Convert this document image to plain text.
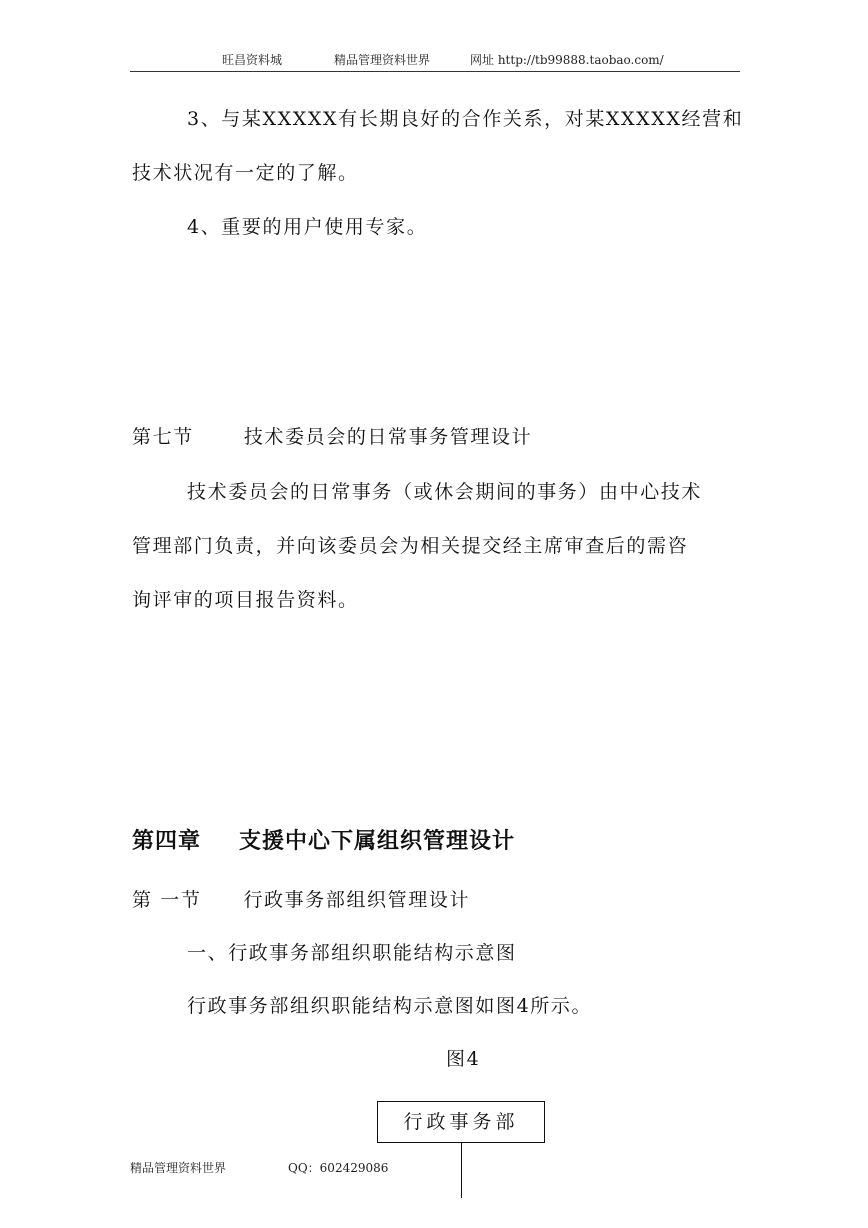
旺昌资料城	精品管理资料世界	网址 http://tb99888.taobao.com/
3、与某XXXXX有长期良好的合作关系，对某XXXXX经营和
技术状况有一定的了解。
4、重要的用户使用专家。
第七节	技术委员会的日常事务管理设计
技术委员会的日常事务（或休会期间的事务）由中心技术
管理部门负责，并向该委员会为相关提交经主席审查后的需咨
询评审的项目报告资料。
第四章 支援中心下属组织管理设计
第 一节 行政事务部组织管理设计
一、行政事务部组织职能结构示意图
行政事务部组织职能结构示意图如图4所示。
图4
行政事务部
精品管理资料世界	QQ：602429086
